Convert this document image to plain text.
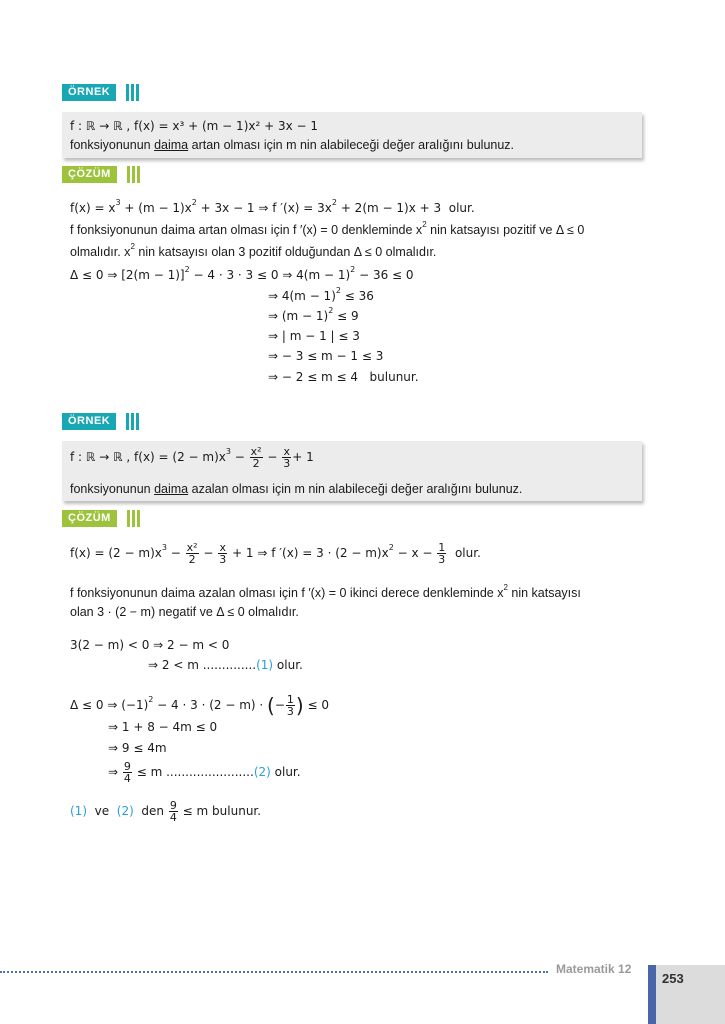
ÖRNEK
f : ℝ → ℝ , f(x) = x³ + (m − 1)x² + 3x − 1
fonksiyonunun daima artan olması için m nin alabileceği değer aralığını bulunuz.
ÇÖZÜM
$f(x) = x^3 + (m - 1)x^2 + 3x - 1$ ⇒ f $'(x) = 3x^2 + 2(m - 1)x + 3$ olur.
f fonksiyonunun daima artan olması için f ′(x) = 0 denkleminde $x^2$ nin katsayısı pozitif ve Δ ≤ 0
olmalıdır. $x^2$ nin katsayısı olan 3 pozitif olduğundan Δ ≤ 0 olmalıdır.
Δ ≤ 0 ⇒ $[2(m - 1)]^2 - 4 \cdot 3 \cdot 3 \le 0$ ⇒ $4(m - 1)^2 - 36 \le 0$
⇒ $4(m - 1)^2 \le 36$
⇒ $(m - 1)^2 \le 9$
⇒ | m − 1 | ≤ 3
⇒ − 3 ≤ m − 1 ≤ 3
⇒ − 2 ≤ m ≤ 4 bulunur.
ÖRNEK
f : ℝ → ℝ , $f(x) = (2 - m)x^3 - \frac{\text{x²}}{2} - \frac{x}{3} + 1$
fonksiyonunun daima azalan olması için m nin alabileceği değer aralığını bulunuz.
ÇÖZÜM
$f(x) = (2 - m)x^3 - \frac{\text{x²}}{2} - \frac{x}{3} + 1$ ⇒ f $'(x) = 3 \cdot (2 - m)x^2 - x - \frac{1}{3}$ olur.
f fonksiyonunun daima azalan olması için f ′(x) = 0 ikinci derece denkleminde $x^2$ nin katsayısı
olan 3 · (2 − m) negatif ve Δ ≤ 0 olmalıdır.
3(2 − m) < 0 ⇒ 2 − m < 0
⇒ 2 < m ..............(1) olur.
Δ ≤ 0 ⇒ $(-1)^2 - 4 \cdot 3 \cdot (2 - m)$ · (− $\frac{1}{3}$ ) ≤ 0
⇒ 1 + 8 − 4m ≤ 0
⇒ 9 ≤ 4m
⇒ $\frac{9}{4} \le m$ .......................(2) olur.
(1) ve (2) den $\frac{9}{4} \le m$ bulunur.
Matematik 12
253
